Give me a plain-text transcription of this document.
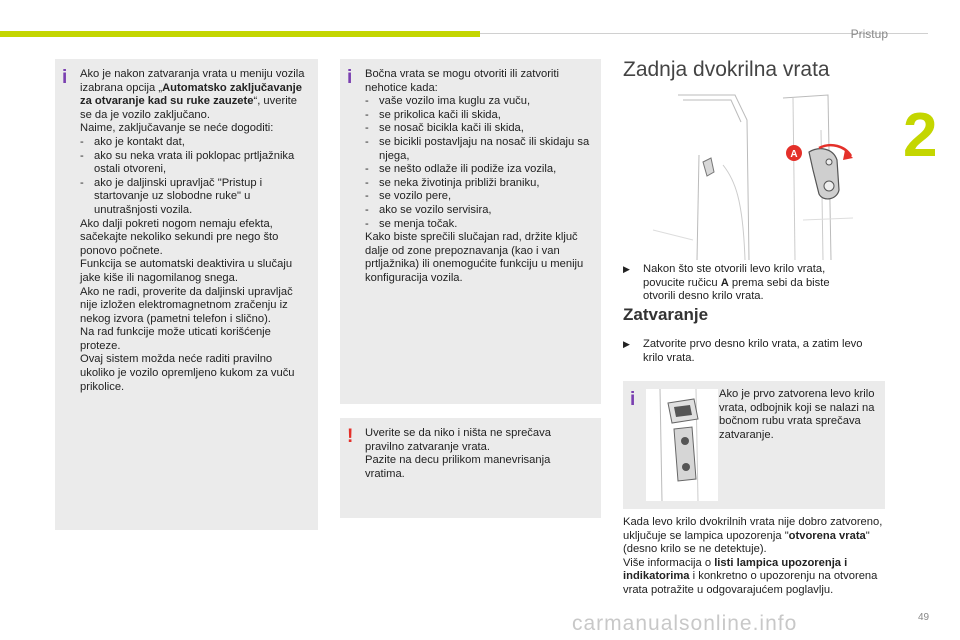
Pristup
2
i Ako je nakon zatvaranja vrata u meniju vozila izabrana opcija „Automatsko zaključavanje za otvaranje kad su ruke zauzete“, uverite se da je vozilo zaključano.
Naime, zaključavanje se neće dogoditi:
- ako je kontakt dat,
- ako su neka vrata ili poklopac prtljažnika ostali otvoreni,
- ako je daljinski upravljač "Pristup i startovanje uz slobodne ruke" u unutrašnjosti vozila.
Ako dalji pokreti nogom nemaju efekta, sačekajte nekoliko sekundi pre nego što ponovo počnete.
Funkcija se automatski deaktivira u slučaju jake kiše ili nagomilanog snega.
Ako ne radi, proverite da daljinski upravljač nije izložen elektromagnetnom zračenju iz nekog izvora (pametni telefon i slično).
Na rad funkcije može uticati korišćenje proteze.
Ovaj sistem možda neće raditi pravilno ukoliko je vozilo opremljeno kukom za vuču prikolice.
i Bočna vrata se mogu otvoriti ili zatvoriti nehotice kada:
- vaše vozilo ima kuglu za vuču,
- se prikolica kači ili skida,
- se nosač bicikla kači ili skida,
- se bicikli postavljaju na nosač ili skidaju sa njega,
- se nešto odlaže ili podiže iza vozila,
- se neka životinja približi braniku,
- se vozilo pere,
- ako se vozilo servisira,
- se menja točak.
Kako biste sprečili slučajan rad, držite ključ dalje od zone prepoznavanja (kao i van prtljažnika) ili onemogućite funkciju u meniju konfiguracija vozila.
! Uverite se da niko i ništa ne sprečava pravilno zatvaranje vrata.
Pazite na decu prilikom manevrisanja vratima.
Zadnja dvokrilna vrata
A
▶ Nakon što ste otvorili levo krilo vrata, povucite ručicu A prema sebi da biste otvorili desno krilo vrata.
Zatvaranje
▶ Zatvorite prvo desno krilo vrata, a zatim levo krilo vrata.
i	Ako je prvo zatvorena levo krilo vrata, odbojnik koji se nalazi na bočnom rubu vrata sprečava zatvaranje.
Kada levo krilo dvokrilnih vrata nije dobro zatvoreno, uključuje se lampica upozorenja "otvorena vrata" (desno krilo se ne detektuje).
Više informacija o listi lampica upozorenja i indikatorima i konkretno o upozorenju na otvorena vrata potražite u odgovarajućem poglavlju.
carmanualsonline.info	49
